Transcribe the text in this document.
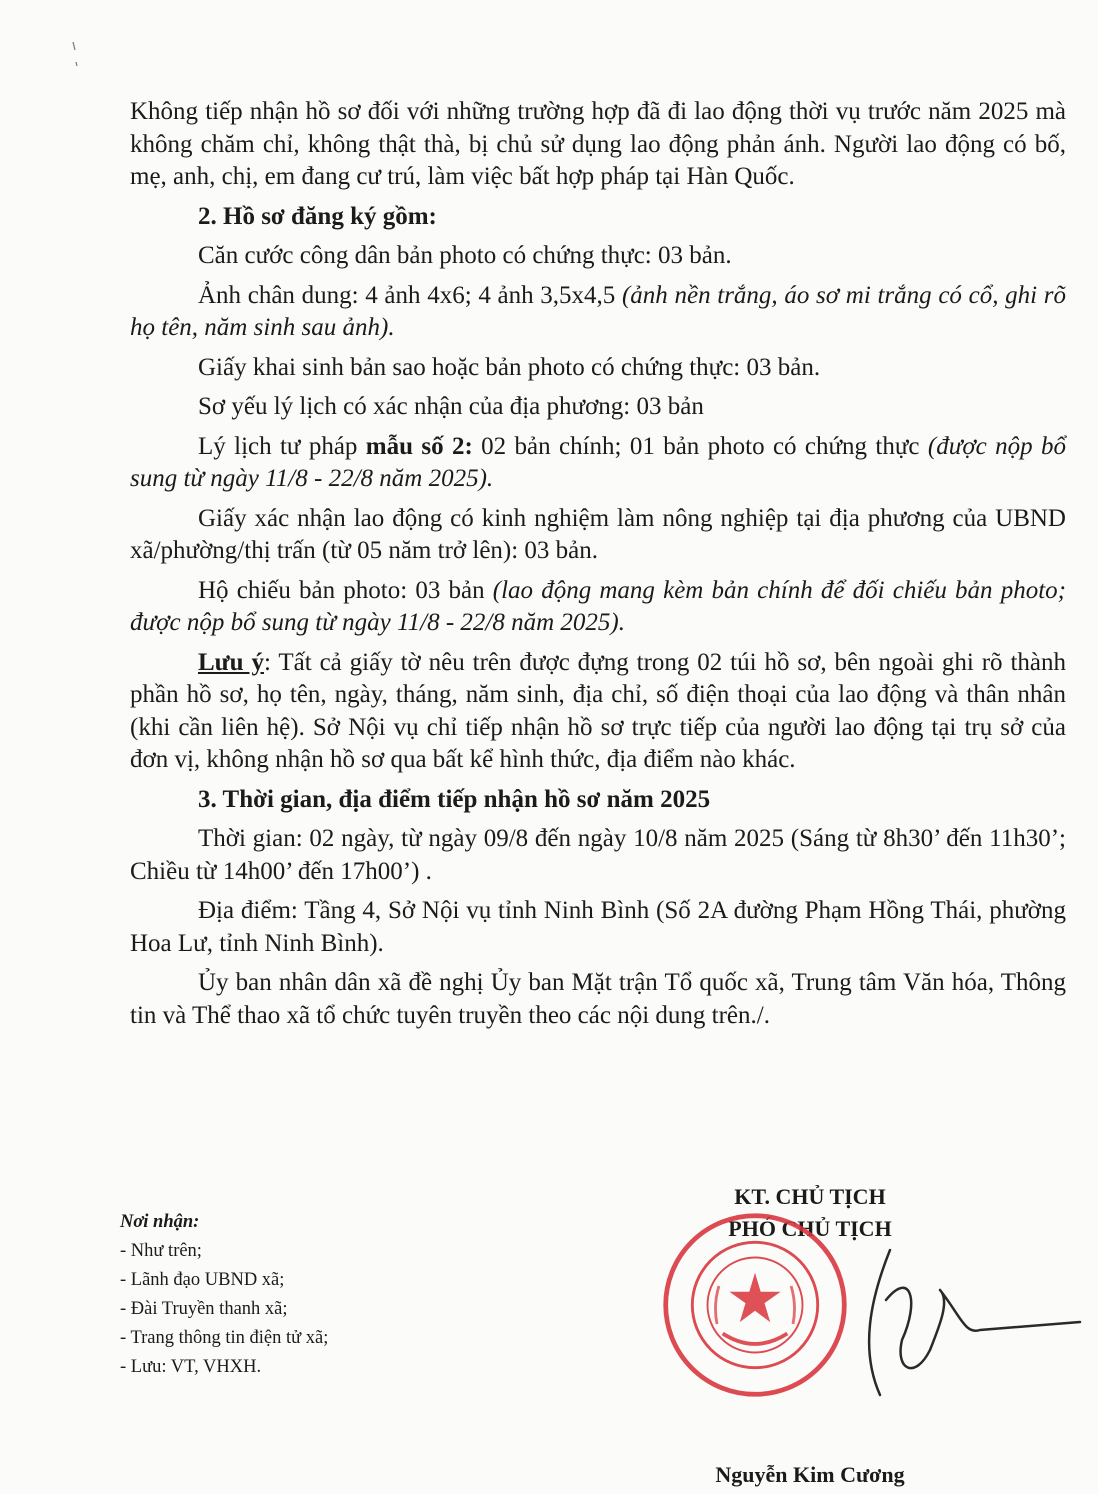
Không tiếp nhận hồ sơ đối với những trường hợp đã đi lao động thời vụ trước năm 2025 mà không chăm chỉ, không thật thà, bị chủ sử dụng lao động phản ánh. Người lao động có bố, mẹ, anh, chị, em đang cư trú, làm việc bất hợp pháp tại Hàn Quốc.

2. Hồ sơ đăng ký gồm:

Căn cước công dân bản photo có chứng thực: 03 bản.

Ảnh chân dung: 4 ảnh 4x6; 4 ảnh 3,5x4,5 (ảnh nền trắng, áo sơ mi trắng có cổ, ghi rõ họ tên, năm sinh sau ảnh).

Giấy khai sinh bản sao hoặc bản photo có chứng thực: 03 bản.

Sơ yếu lý lịch có xác nhận của địa phương: 03 bản

Lý lịch tư pháp mẫu số 2: 02 bản chính; 01 bản photo có chứng thực (được nộp bổ sung từ ngày 11/8 - 22/8 năm 2025).

Giấy xác nhận lao động có kinh nghiệm làm nông nghiệp tại địa phương của UBND xã/phường/thị trấn (từ 05 năm trở lên): 03 bản.

Hộ chiếu bản photo: 03 bản (lao động mang kèm bản chính để đối chiếu bản photo; được nộp bổ sung từ ngày 11/8 - 22/8 năm 2025).

Lưu ý: Tất cả giấy tờ nêu trên được đựng trong 02 túi hồ sơ, bên ngoài ghi rõ thành phần hồ sơ, họ tên, ngày, tháng, năm sinh, địa chỉ, số điện thoại của lao động và thân nhân (khi cần liên hệ). Sở Nội vụ chỉ tiếp nhận hồ sơ trực tiếp của người lao động tại trụ sở của đơn vị, không nhận hồ sơ qua bất kể hình thức, địa điểm nào khác.

3. Thời gian, địa điểm tiếp nhận hồ sơ năm 2025

Thời gian: 02 ngày, từ ngày 09/8 đến ngày 10/8 năm 2025 (Sáng từ 8h30’ đến 11h30’; Chiều từ 14h00’ đến 17h00’) .

Địa điểm: Tầng 4, Sở Nội vụ tỉnh Ninh Bình (Số 2A đường Phạm Hồng Thái, phường Hoa Lư, tỉnh Ninh Bình).

Ủy ban nhân dân xã đề nghị Ủy ban Mặt trận Tổ quốc xã, Trung tâm Văn hóa, Thông tin và Thể thao xã tổ chức tuyên truyền theo các nội dung trên./.

Nơi nhận:
- Như trên;
- Lãnh đạo UBND xã;
- Đài Truyền thanh xã;
- Trang thông tin điện tử xã;
- Lưu: VT, VHXH.
KT. CHỦ TỊCH
PHÓ CHỦ TỊCH
Nguyễn Kim Cương
